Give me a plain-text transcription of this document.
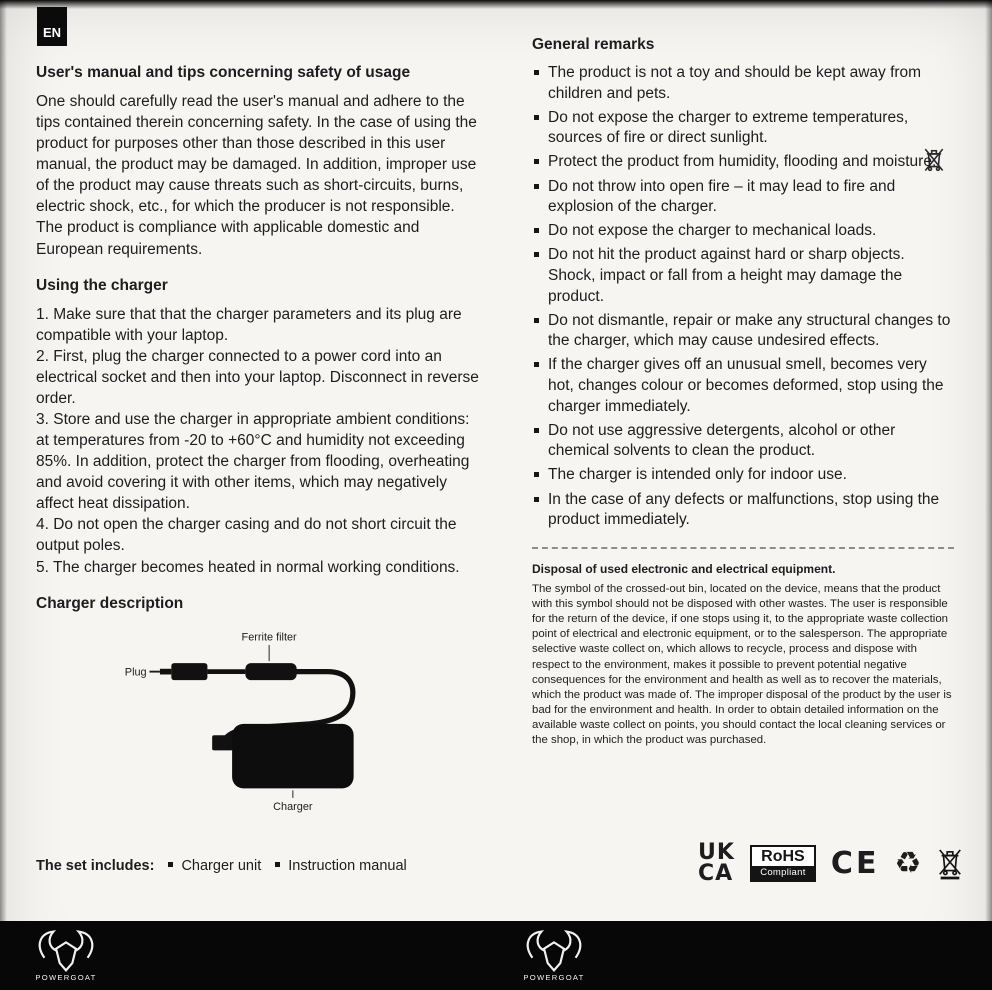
EN
User's manual and tips concerning safety of usage

One should carefully read the user's manual and adhere to the tips contained therein concerning safety. In the case of using the product for purposes other than those described in this user manual, the product may be damaged. In addition, improper use of the product may cause threats such as short-circuits, burns, electric shock, etc., for which the producer is not responsible. The product is compliance with applicable domestic and European requirements.

Using the charger

1. Make sure that that the charger parameters and its plug are compatible with your laptop.

2. First, plug the charger connected to a power cord into an electrical socket and then into your laptop. Disconnect in reverse order.

3. Store and use the charger in appropriate ambient conditions: at temperatures from -20 to +60°C and humidity not exceeding 85%. In addition, protect the charger from flooding, overheating and avoid covering it with other items, which may negatively affect heat dissipation.

4. Do not open the charger casing and do not short circuit the output poles.

5. The charger becomes heated in normal working conditions.

Charger description
Ferrite filter
Plug
Charger
General remarks
The product is not a toy and should be kept away from children and pets.
Do not expose the charger to extreme temperatures, sources of fire or direct sunlight.
Protect the product from humidity, flooding and moisture.
Do not throw into open fire – it may lead to fire and explosion of the charger.
Do not expose the charger to mechanical loads.
Do not hit the product against hard or sharp objects. Shock, impact or fall from a height may damage the product.
Do not dismantle, repair or make any structural changes to the charger, which may cause undesired effects.
If the charger gives off an unusual smell, becomes very hot, changes colour or becomes deformed, stop using the charger immediately.
Do not use aggressive detergents, alcohol or other chemical solvents to clean the product.
The charger is intended only for indoor use.
In the case of any defects or malfunctions, stop using the product immediately.
Disposal of used electronic and electrical equipment.

The symbol of the crossed-out bin, located on the device, means that the product with this symbol should not be disposed with other wastes. The user is responsible for the return of the device, if one stops using it, to the appropriate waste collection point of electrical and electronic equipment, or to the salesperson. The appropriate selective waste collect on, which allows to recycle, process and dispose with respect to the environment, makes it possible to prevent potential negative consequences for the environment and health as well as to recover the materials, which the product was made of. The improper disposal of the product by the user is bad for the environment and health. In order to obtain detailed information on the available waste collect on points, you should contact the local cleaning services or the shop, in which the product was purchased.

The set includes:	Charger unit	Instruction manual
UK
CA
RoHS
Compliant CE ♻
POWERGOAT	POWERGOAT
